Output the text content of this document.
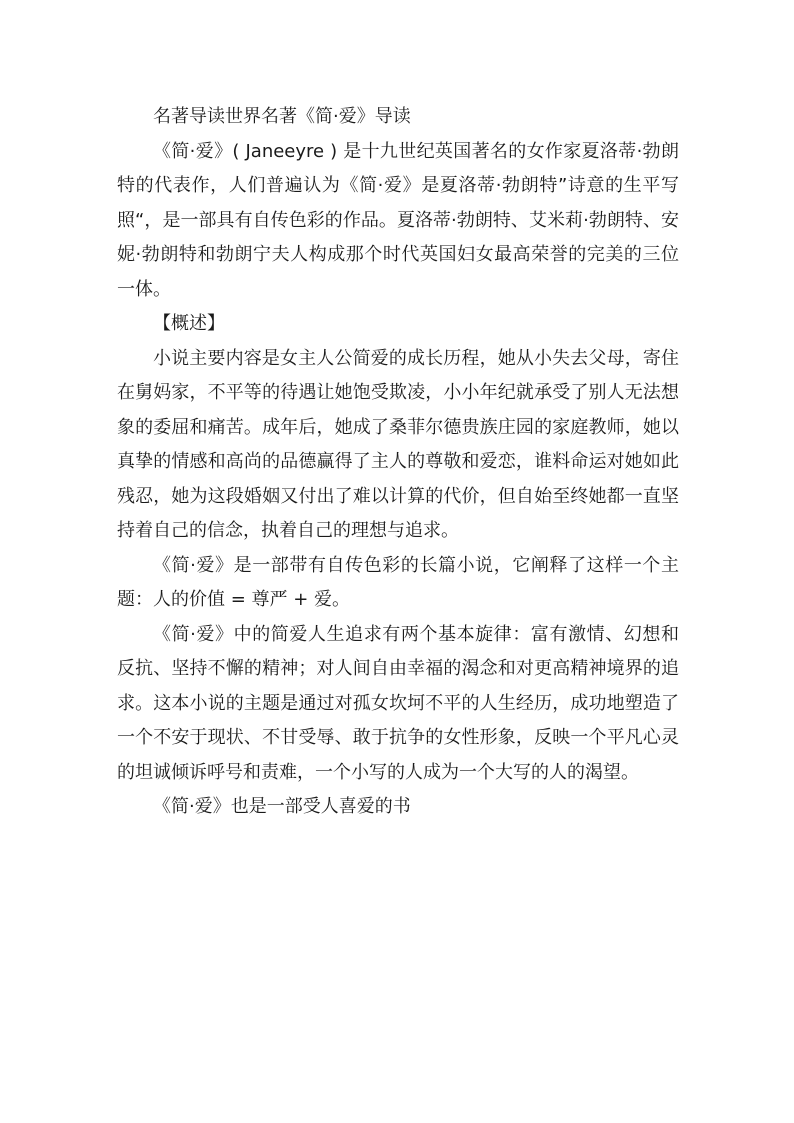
名著导读世界名著《简·爱》导读

《简·爱》( Janeeyre ) 是十九世纪英国著名的女作家夏洛蒂·勃朗特的代表作，人们普遍认为《简·爱》是夏洛蒂·勃朗特”诗意的生平写照“，是一部具有自传色彩的作品。夏洛蒂·勃朗特、艾米莉·勃朗特、安妮·勃朗特和勃朗宁夫人构成那个时代英国妇女最高荣誉的完美的三位一体。

【概述】

小说主要内容是女主人公简爱的成长历程，她从小失去父母，寄住在舅妈家，不平等的待遇让她饱受欺凌，小小年纪就承受了别人无法想象的委屈和痛苦。成年后，她成了桑菲尔德贵族庄园的家庭教师，她以真挚的情感和高尚的品德赢得了主人的尊敬和爱恋，谁料命运对她如此残忍，她为这段婚姻又付出了难以计算的代价，但自始至终她都一直坚持着自己的信念，执着自己的理想与追求。

《简·爱》是一部带有自传色彩的长篇小说，它阐释了这样一个主题：人的价值 = 尊严 + 爱。

《简·爱》中的简爱人生追求有两个基本旋律：富有激情、幻想和反抗、坚持不懈的精神；对人间自由幸福的渴念和对更高精神境界的追求。这本小说的主题是通过对孤女坎坷不平的人生经历，成功地塑造了一个不安于现状、不甘受辱、敢于抗争的女性形象，反映一个平凡心灵的坦诚倾诉呼号和责难，一个小写的人成为一个大写的人的渴望。

《简·爱》也是一部受人喜爱的书
